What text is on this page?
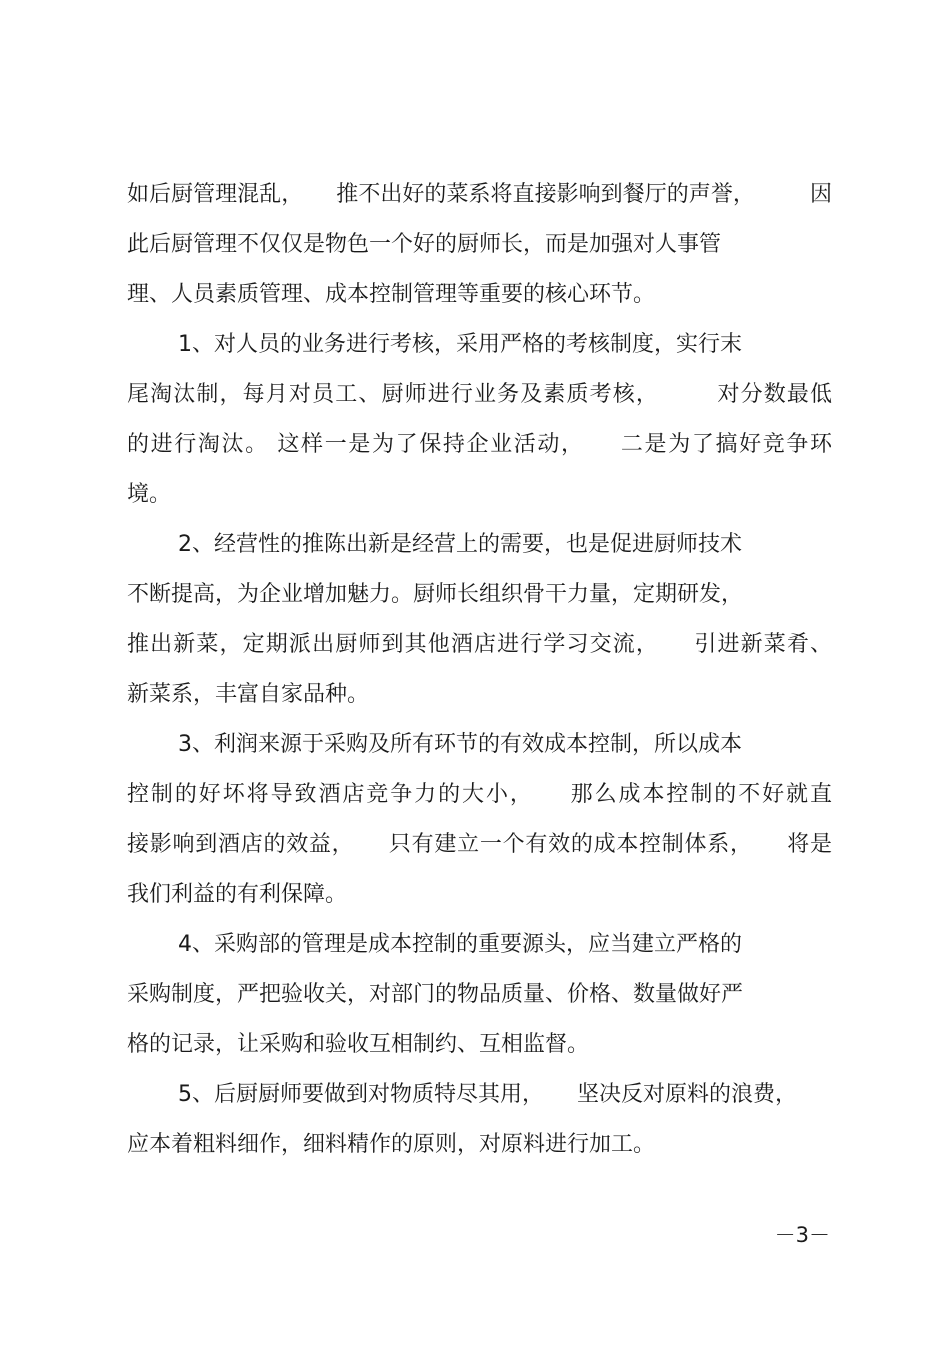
如后厨管理混乱，　　推不出好的菜系将直接影响到餐厅的声誉，　　　因
此后厨管理不仅仅是物色一个好的厨师长，而是加强对人事管
理、人员素质管理、成本控制管理等重要的核心环节。
1、对人员的业务进行考核，采用严格的考核制度，实行末
尾淘汰制，每月对员工、厨师进行业务及素质考核，　　　对分数最低
的进行淘汰。 这样一是为了保持企业活动，　　二是为了搞好竞争环
境。
2、经营性的推陈出新是经营上的需要，也是促进厨师技术
不断提高，为企业增加魅力。厨师长组织骨干力量，定期研发，
推出新菜，定期派出厨师到其他酒店进行学习交流，　　引进新菜肴、
新菜系，丰富自家品种。
3、利润来源于采购及所有环节的有效成本控制，所以成本
控制的好坏将导致酒店竞争力的大小，　　那么成本控制的不好就直
接影响到酒店的效益，　　只有建立一个有效的成本控制体系，　　将是
我们利益的有利保障。
4、采购部的管理是成本控制的重要源头，应当建立严格的
采购制度，严把验收关，对部门的物品质量、价格、数量做好严
格的记录，让采购和验收互相制约、互相监督。
5、后厨厨师要做到对物质特尽其用，　　坚决反对原料的浪费，
应本着粗料细作，细料精作的原则，对原料进行加工。
－3－
